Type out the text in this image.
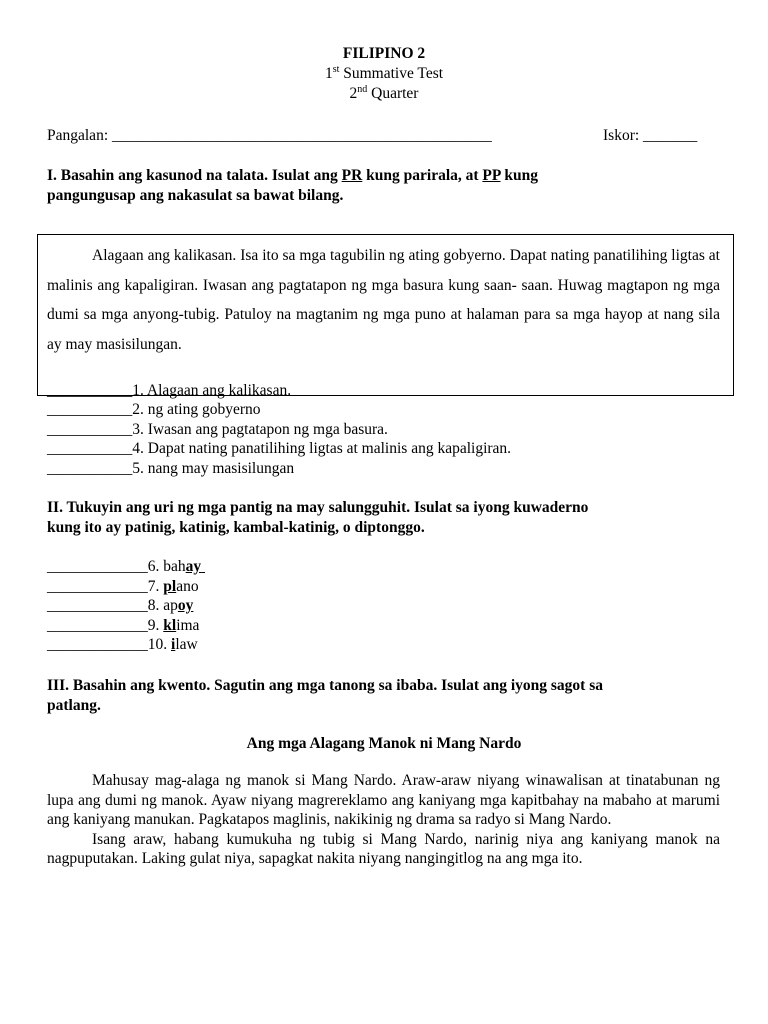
FILIPINO 2
1st Summative Test
2nd Quarter
Pangalan: _________________________________________________	Iskor: _______
I. Basahin ang kasunod na talata. Isulat ang PR kung parirala, at PP kung
pangungusap ang nakasulat sa bawat bilang.

Alagaan ang kalikasan. Isa ito sa mga tagubilin ng ating gobyerno. Dapat nating panatilihing ligtas at malinis ang kapaligiran. Iwasan ang pagtatapon ng mga basura kung saan- saan. Huwag magtapon ng mga dumi sa mga anyong-tubig. Patuloy na magtanim ng mga puno at halaman para sa mga hayop at nang sila ay may masisilungan.

___________1. Alagaan ang kalikasan.
___________2. ng ating gobyerno
___________3. Iwasan ang pagtatapon ng mga basura.
___________4. Dapat nating panatilihing ligtas at malinis ang kapaligiran.
___________5. nang may masisilungan
II. Tukuyin ang uri ng mga pantig na may salungguhit. Isulat sa iyong kuwaderno
kung ito ay patinig, katinig, kambal-katinig, o diptonggo.
_____________6. bahay
_____________7. plano
_____________8. apoy
_____________9. klima
_____________10. ilaw
III. Basahin ang kwento. Sagutin ang mga tanong sa ibaba. Isulat ang iyong sagot sa
patlang.
Ang mga Alagang Manok ni Mang Nardo

Mahusay mag-alaga ng manok si Mang Nardo. Araw-araw niyang winawalisan at tinatabunan ng lupa ang dumi ng manok. Ayaw niyang magrereklamo ang kaniyang mga kapitbahay na mabaho at marumi ang kaniyang manukan. Pagkatapos maglinis, nakikinig ng drama sa radyo si Mang Nardo.

Isang araw, habang kumukuha ng tubig si Mang Nardo, narinig niya ang kaniyang manok na nagpuputakan. Laking gulat niya, sapagkat nakita niyang nangingitlog na ang mga ito.
